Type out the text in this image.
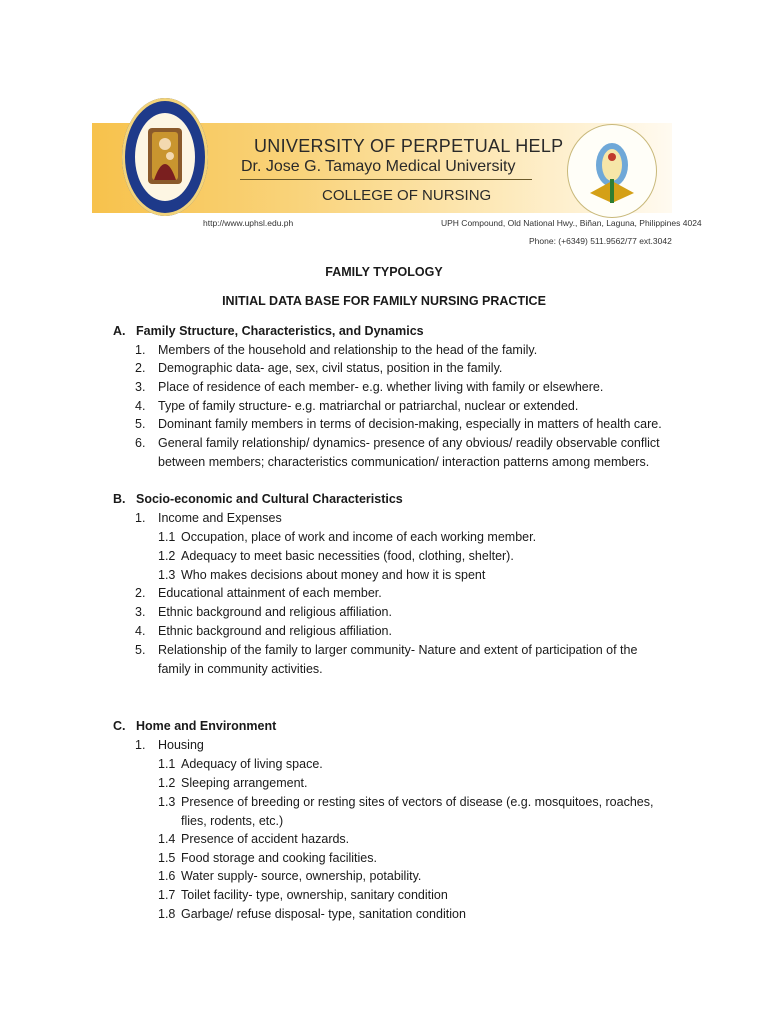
UNIVERSITY OF PERPETUAL HELP
Dr. Jose G. Tamayo Medical University
COLLEGE OF NURSING
http://www.uphsl.edu.ph	UPH Compound, Old National Hwy., Biñan, Laguna, Philippines 4024
Phone: (+6349) 511.9562/77 ext.3042
FAMILY TYPOLOGY
INITIAL DATA BASE FOR FAMILY NURSING PRACTICE
A. Family Structure, Characteristics, and Dynamics
1. Members of the household and relationship to the head of the family.
2. Demographic data- age, sex, civil status, position in the family.
3. Place of residence of each member- e.g. whether living with family or elsewhere.
4. Type of family structure- e.g. matriarchal or patriarchal, nuclear or extended.
5. Dominant family members in terms of decision-making, especially in matters of health care.
6. General family relationship/ dynamics- presence of any obvious/ readily observable conflict
between members; characteristics communication/ interaction patterns among members.
B. Socio-economic and Cultural Characteristics
1. Income and Expenses
1.1 Occupation, place of work and income of each working member.
1.2 Adequacy to meet basic necessities (food, clothing, shelter).
1.3 Who makes decisions about money and how it is spent
2. Educational attainment of each member.
3. Ethnic background and religious affiliation.
4. Ethnic background and religious affiliation.
5. Relationship of the family to larger community- Nature and extent of participation of the
family in community activities.
C. Home and Environment
1. Housing
1.1 Adequacy of living space.
1.2 Sleeping arrangement.
1.3 Presence of breeding or resting sites of vectors of disease (e.g. mosquitoes, roaches,
flies, rodents, etc.)
1.4 Presence of accident hazards.
1.5 Food storage and cooking facilities.
1.6 Water supply- source, ownership, potability.
1.7 Toilet facility- type, ownership, sanitary condition
1.8 Garbage/ refuse disposal- type, sanitation condition
